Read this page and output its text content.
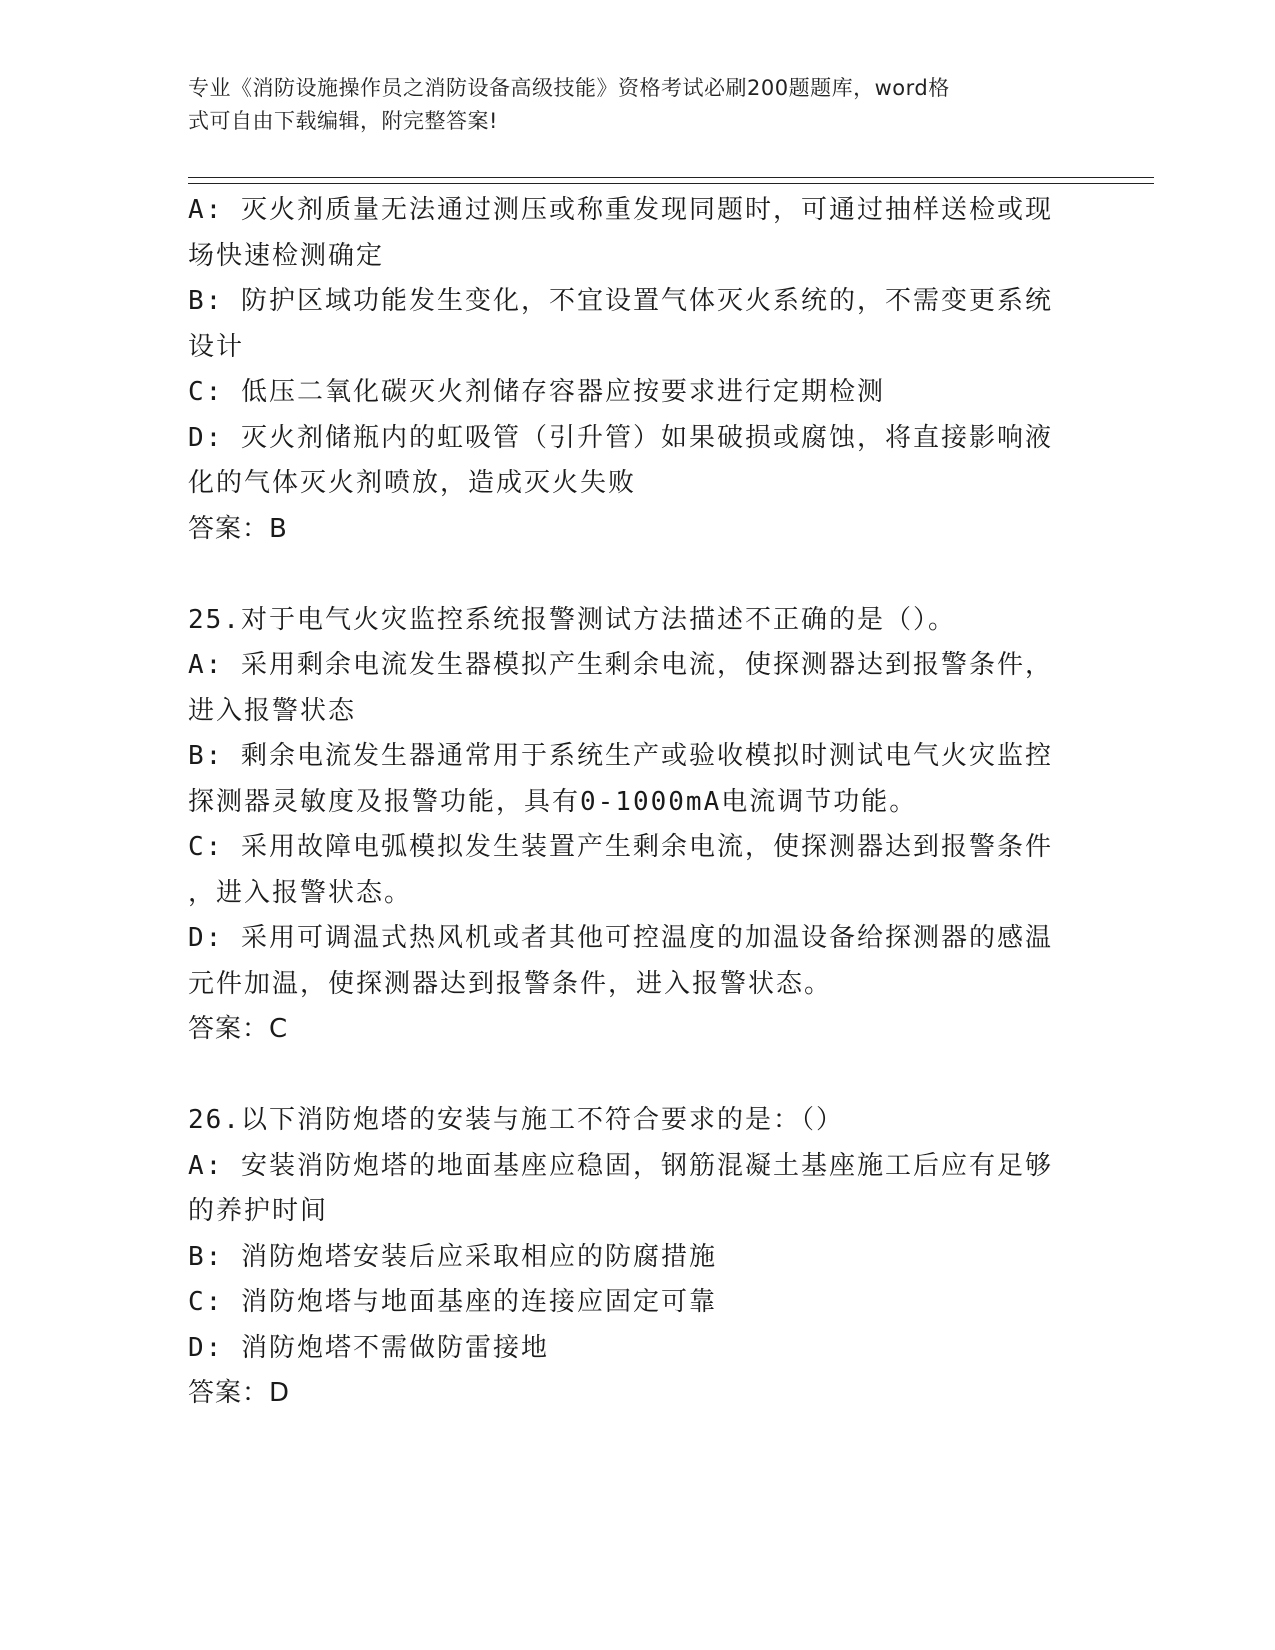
专业《消防设施操作员之消防设备高级技能》资格考试必刷200题题库，word格
式可自由下载编辑，附完整答案!
A: 灭火剂质量无法通过测压或称重发现同题时，可通过抽样送检或现
场快速检测确定
B: 防护区域功能发生变化，不宜设置气体灭火系统的，不需变更系统
设计
C: 低压二氧化碳灭火剂储存容器应按要求进行定期检测
D: 灭火剂储瓶内的虹吸管（引升管）如果破损或腐蚀，将直接影响液
化的气体灭火剂喷放，造成灭火失败
答案：B
25.对于电气火灾监控系统报警测试方法描述不正确的是（）。
A: 采用剩余电流发生器模拟产生剩余电流，使探测器达到报警条件，
进入报警状态
B: 剩余电流发生器通常用于系统生产或验收模拟时测试电气火灾监控
探测器灵敏度及报警功能，具有0-1000mA电流调节功能。
C: 采用故障电弧模拟发生装置产生剩余电流，使探测器达到报警条件
，进入报警状态。
D: 采用可调温式热风机或者其他可控温度的加温设备给探测器的感温
元件加温，使探测器达到报警条件，进入报警状态。
答案：C
26.以下消防炮塔的安装与施工不符合要求的是：（）
A: 安装消防炮塔的地面基座应稳固，钢筋混凝土基座施工后应有足够
的养护时间
B: 消防炮塔安装后应采取相应的防腐措施
C: 消防炮塔与地面基座的连接应固定可靠
D: 消防炮塔不需做防雷接地
答案：D
